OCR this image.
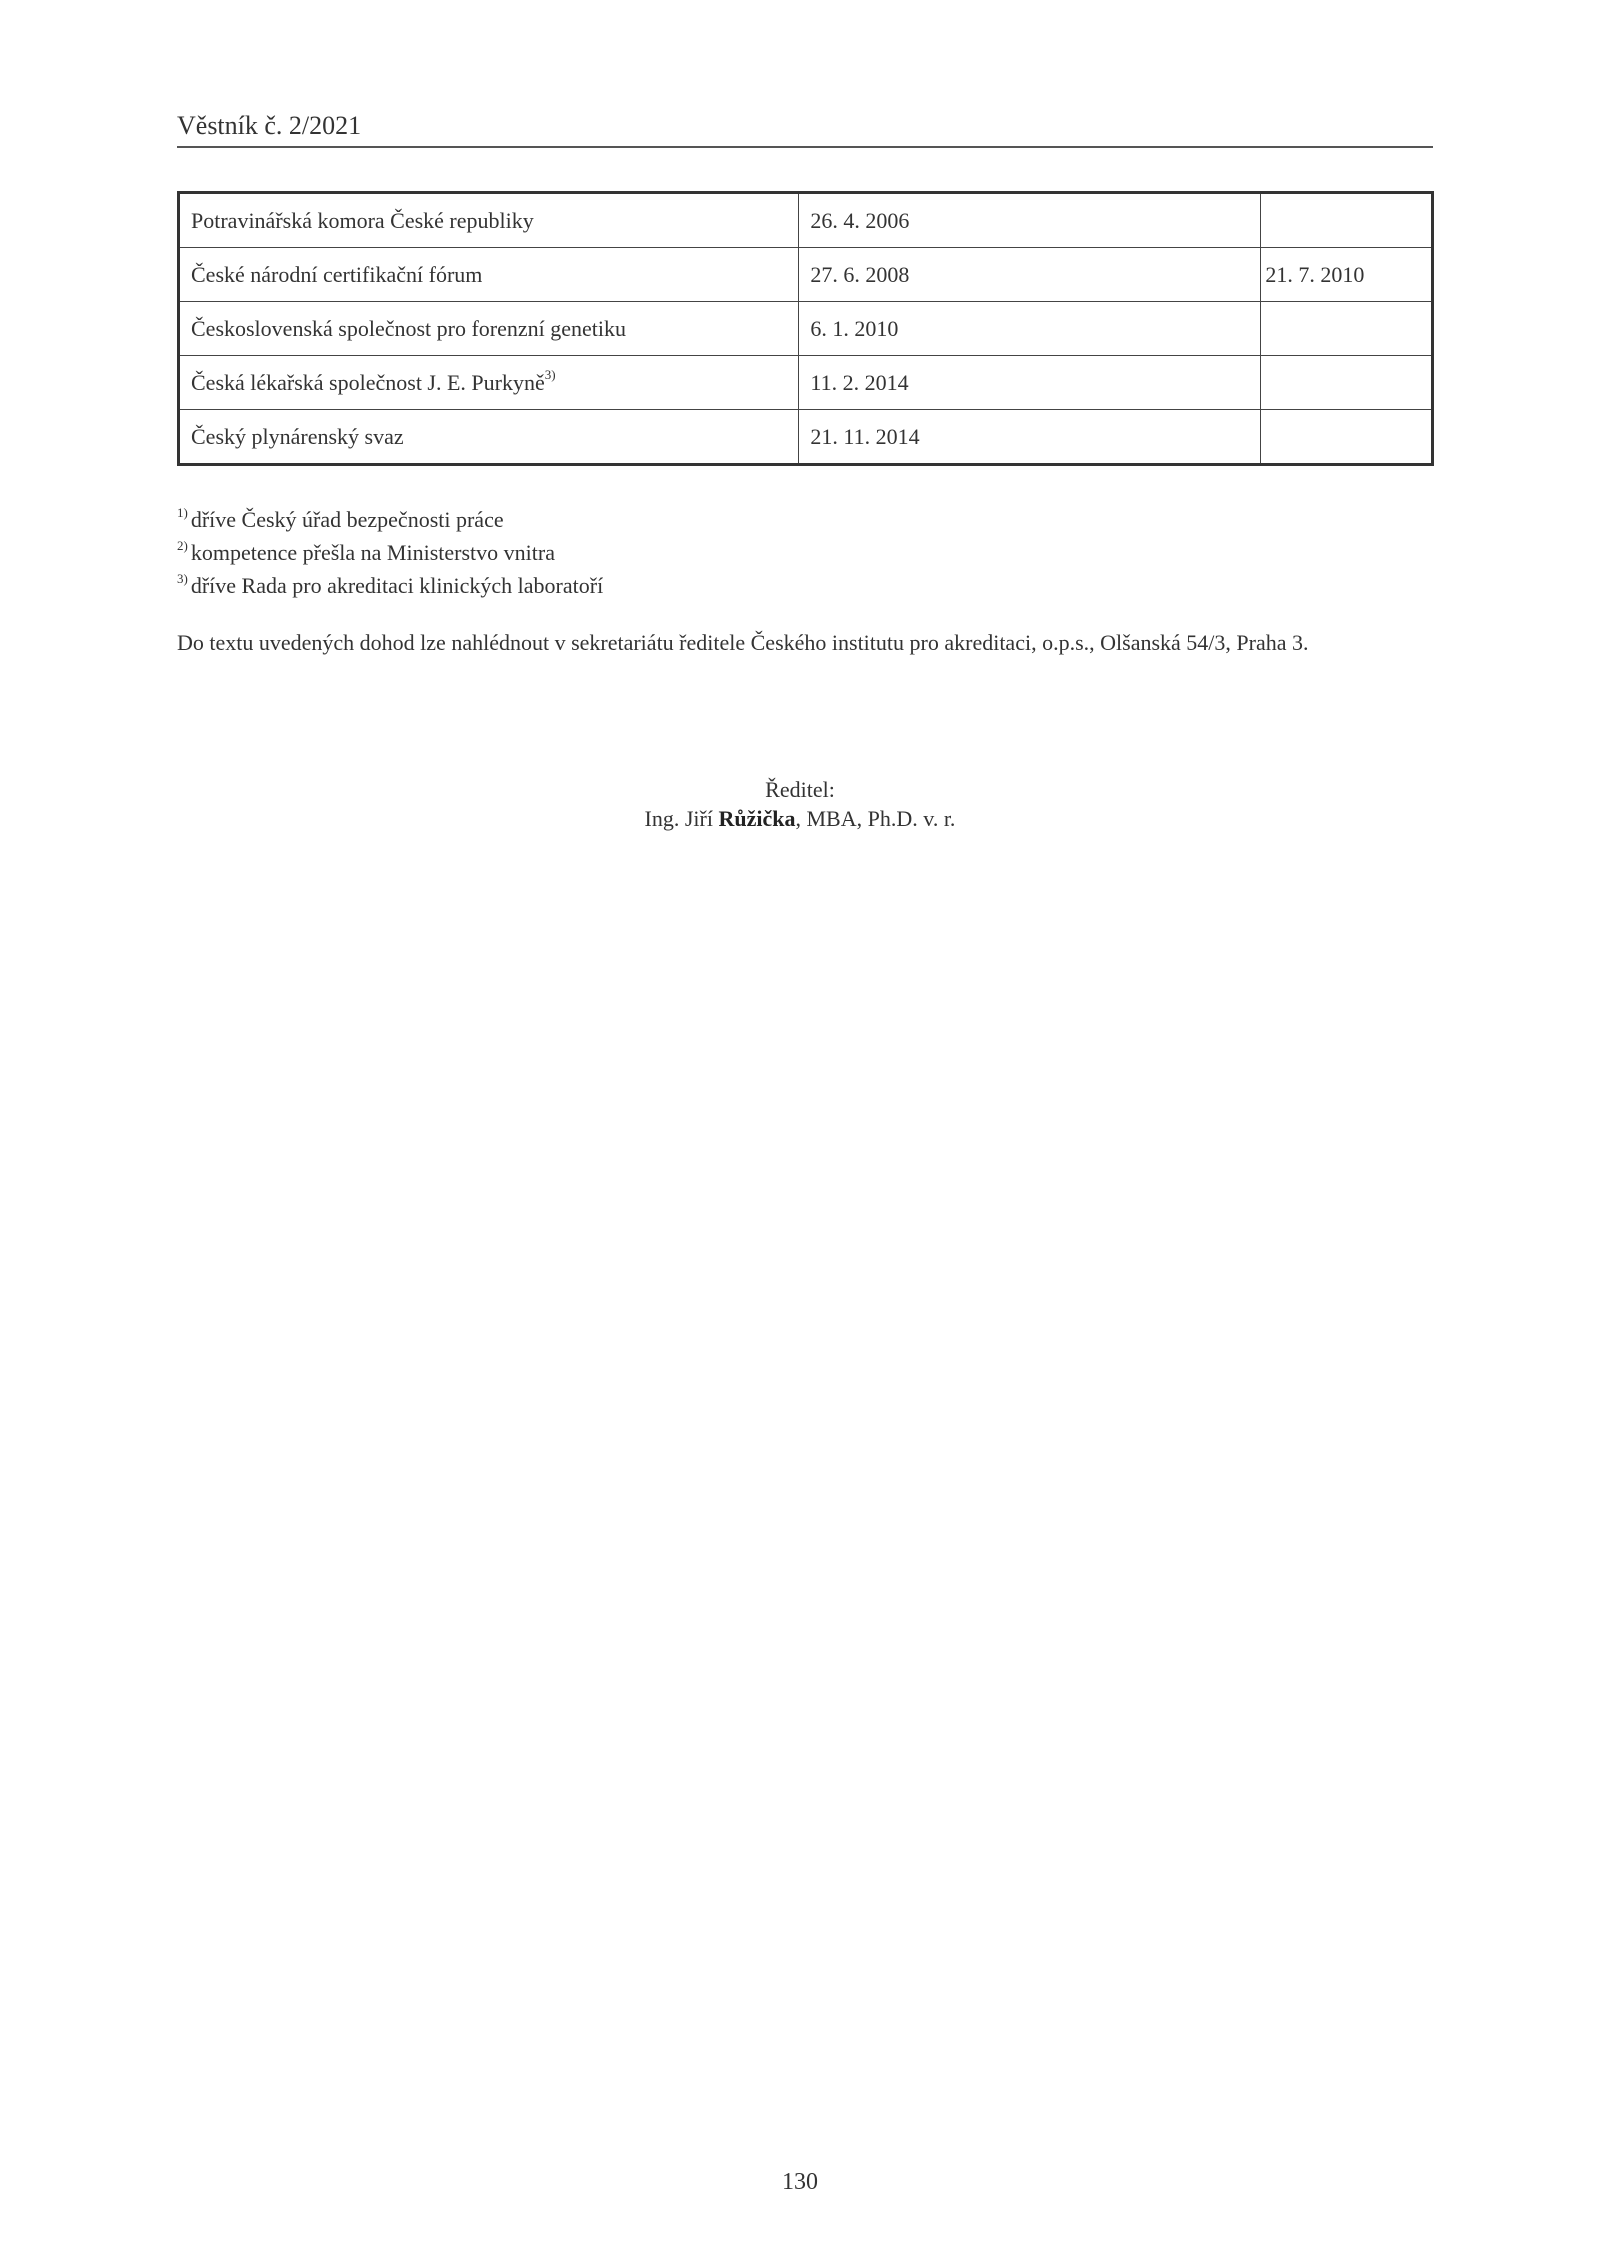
Věstník č. 2/2021
Potravinářská komora České republiky	26. 4. 2006	
České národní certifikační fórum	27. 6. 2008	21. 7. 2010
Československá společnost pro forenzní genetiku	6. 1. 2010	
Česká lékařská společnost J. E. Purkyně$^{3)}$	11. 2. 2014	
Český plynárenský svaz	21. 11. 2014	
$^{1)}$ dříve Český úřad bezpečnosti práce
$^{2)}$ kompetence přešla na Ministerstvo vnitra
$^{3)}$ dříve Rada pro akreditaci klinických laboratoří
Do textu uvedených dohod lze nahlédnout v sekretariátu ředitele Českého institutu pro akreditaci, o.p.s., Olšanská 54/3, Praha 3.
Ředitel:
Ing. Jiří Růžička, MBA, Ph.D. v. r.
130
